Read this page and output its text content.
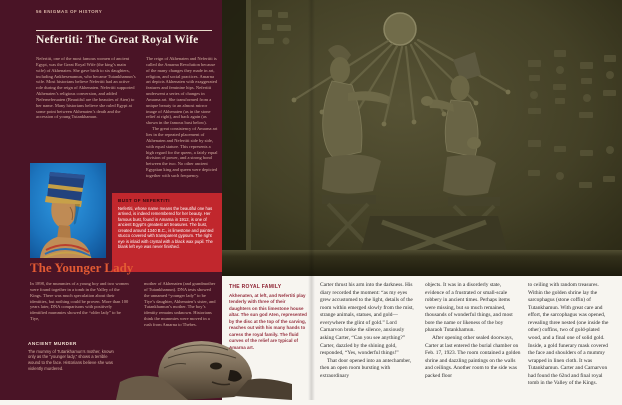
56 ENIGMAS OF HISTORY
Nefertiti: The Great Royal Wife

Nefertiti, one of the most famous women of ancient Egypt, was the Great Royal Wife (the king’s main wife) of Akhenaten. She gave birth to six daughters, including Ankhesenamun, who became Tutankhamun’s wife. Most historians believe Nefertiti had an active role during the reign of Akhenaten. Nefertiti supported Akhenaten’s religious conversion, and added Neferneferuaten (Beautiful are the beauties of Aten) to her name. Many historians believe she ruled Egypt at some point between Akhenaten’s death and the accession of young Tutankhamun.

The reign of Akhenaten and Nefertiti is called the Amarna Revolution because of the many changes they made in art, religion, and social practices. Amarna art depicts Akhenaten with exaggerated features and feminine hips. Nefertiti underwent a series of changes in Amarna art. She transformed from a unique beauty to an almost mirror image of Akhenaten (as in the stone relief at right), and back again (as shown in the famous bust below).

The great consistency of Amarna art lies in the repeated placement of Akhenaten and Nefertiti side by side, with equal stature. This represents a high regard for the queen, a fairly equal division of power, and a strong bond between the two. No other ancient Egyptian king and queen were depicted together with such frequency.

BUST OF NEFERTITI

Nefertiti, whose name means the beautiful one has arrived, is indeed remembered for her beauty. Her famous bust, found in Amarna in 1912, is one of ancient Egypt’s greatest art treasures. The bust, created around 1340 B.C., is limestone and painted stucco covered with transparent gypsum. The right eye is inlaid with crystal with a black wax pupil. The blank left eye was never finished.

The Younger Lady

In 1898, the mummies of a young boy and two women were found together in a tomb in the Valley of the Kings. There was much speculation about their identities, but nothing could be proven. More than 100 years later, DNA comparisons with positively identified mummies showed the “older lady” to be Tiye,

mother of Akhenaten (and grandmother of Tutankhamun). DNA tests showed the unnamed “younger lady” to be Tiye’s daughter, Akhenaten’s sister, and Tutankhamun’s mother. The boy’s identity remains unknown. Historians think the mummies were moved in a rush from Amarna to Thebes.

ANCIENT MURDER

The mummy of Tutankhamun’s mother, known only as the “younger lady,” shows a terrible wound to the face. Historians believe she was violently murdered.

THE ROYAL FAMILY

Akhenaten, at left, and Nefertiti play tenderly with three of their daughters on this limestone house altar. The sun god Aten, represented by the disc at the top of the carving, reaches out with his many hands to caress the royal family. The fluid curves of the relief are typical of Amarna art.

Carter thrust his arm into the darkness. His diary recorded the moment: “as my eyes grew accustomed to the light, details of the room within emerged slowly from the mist, strange animals, statues, and gold—everywhere the glint of gold.” Lord Carnarvon broke the silence, anxiously asking Carter, “Can you see anything?” Carter, dazzled by the shining gold, responded, “Yes, wonderful things!”

That door opened into an antechamber, then an open room bursting with extraordinary

objects. It was in a disorderly state, evidence of a frustrated or small-scale robbery in ancient times. Perhaps items were missing, but so much remained, thousands of wonderful things, and most bore the name or likeness of the boy pharaoh Tutankhamun.

After opening other sealed doorways, Carter at last entered the burial chamber on Feb. 17, 1923. The room contained a golden shrine and dazzling paintings on the walls and ceilings. Another room to the side was packed floor

to ceiling with random treasures. Within the golden shrine lay the sarcophagus (stone coffin) of Tutankhamun. With great care and effort, the sarcophagus was opened, revealing three nested (one inside the other) coffins, two of gold-plated wood, and a final one of solid gold. Inside, a gold funerary mask covered the face and shoulders of a mummy wrapped in linen cloth. It was Tutankhamun. Carter and Carnarvon had found the 62nd and final royal tomb in the Valley of the Kings.
